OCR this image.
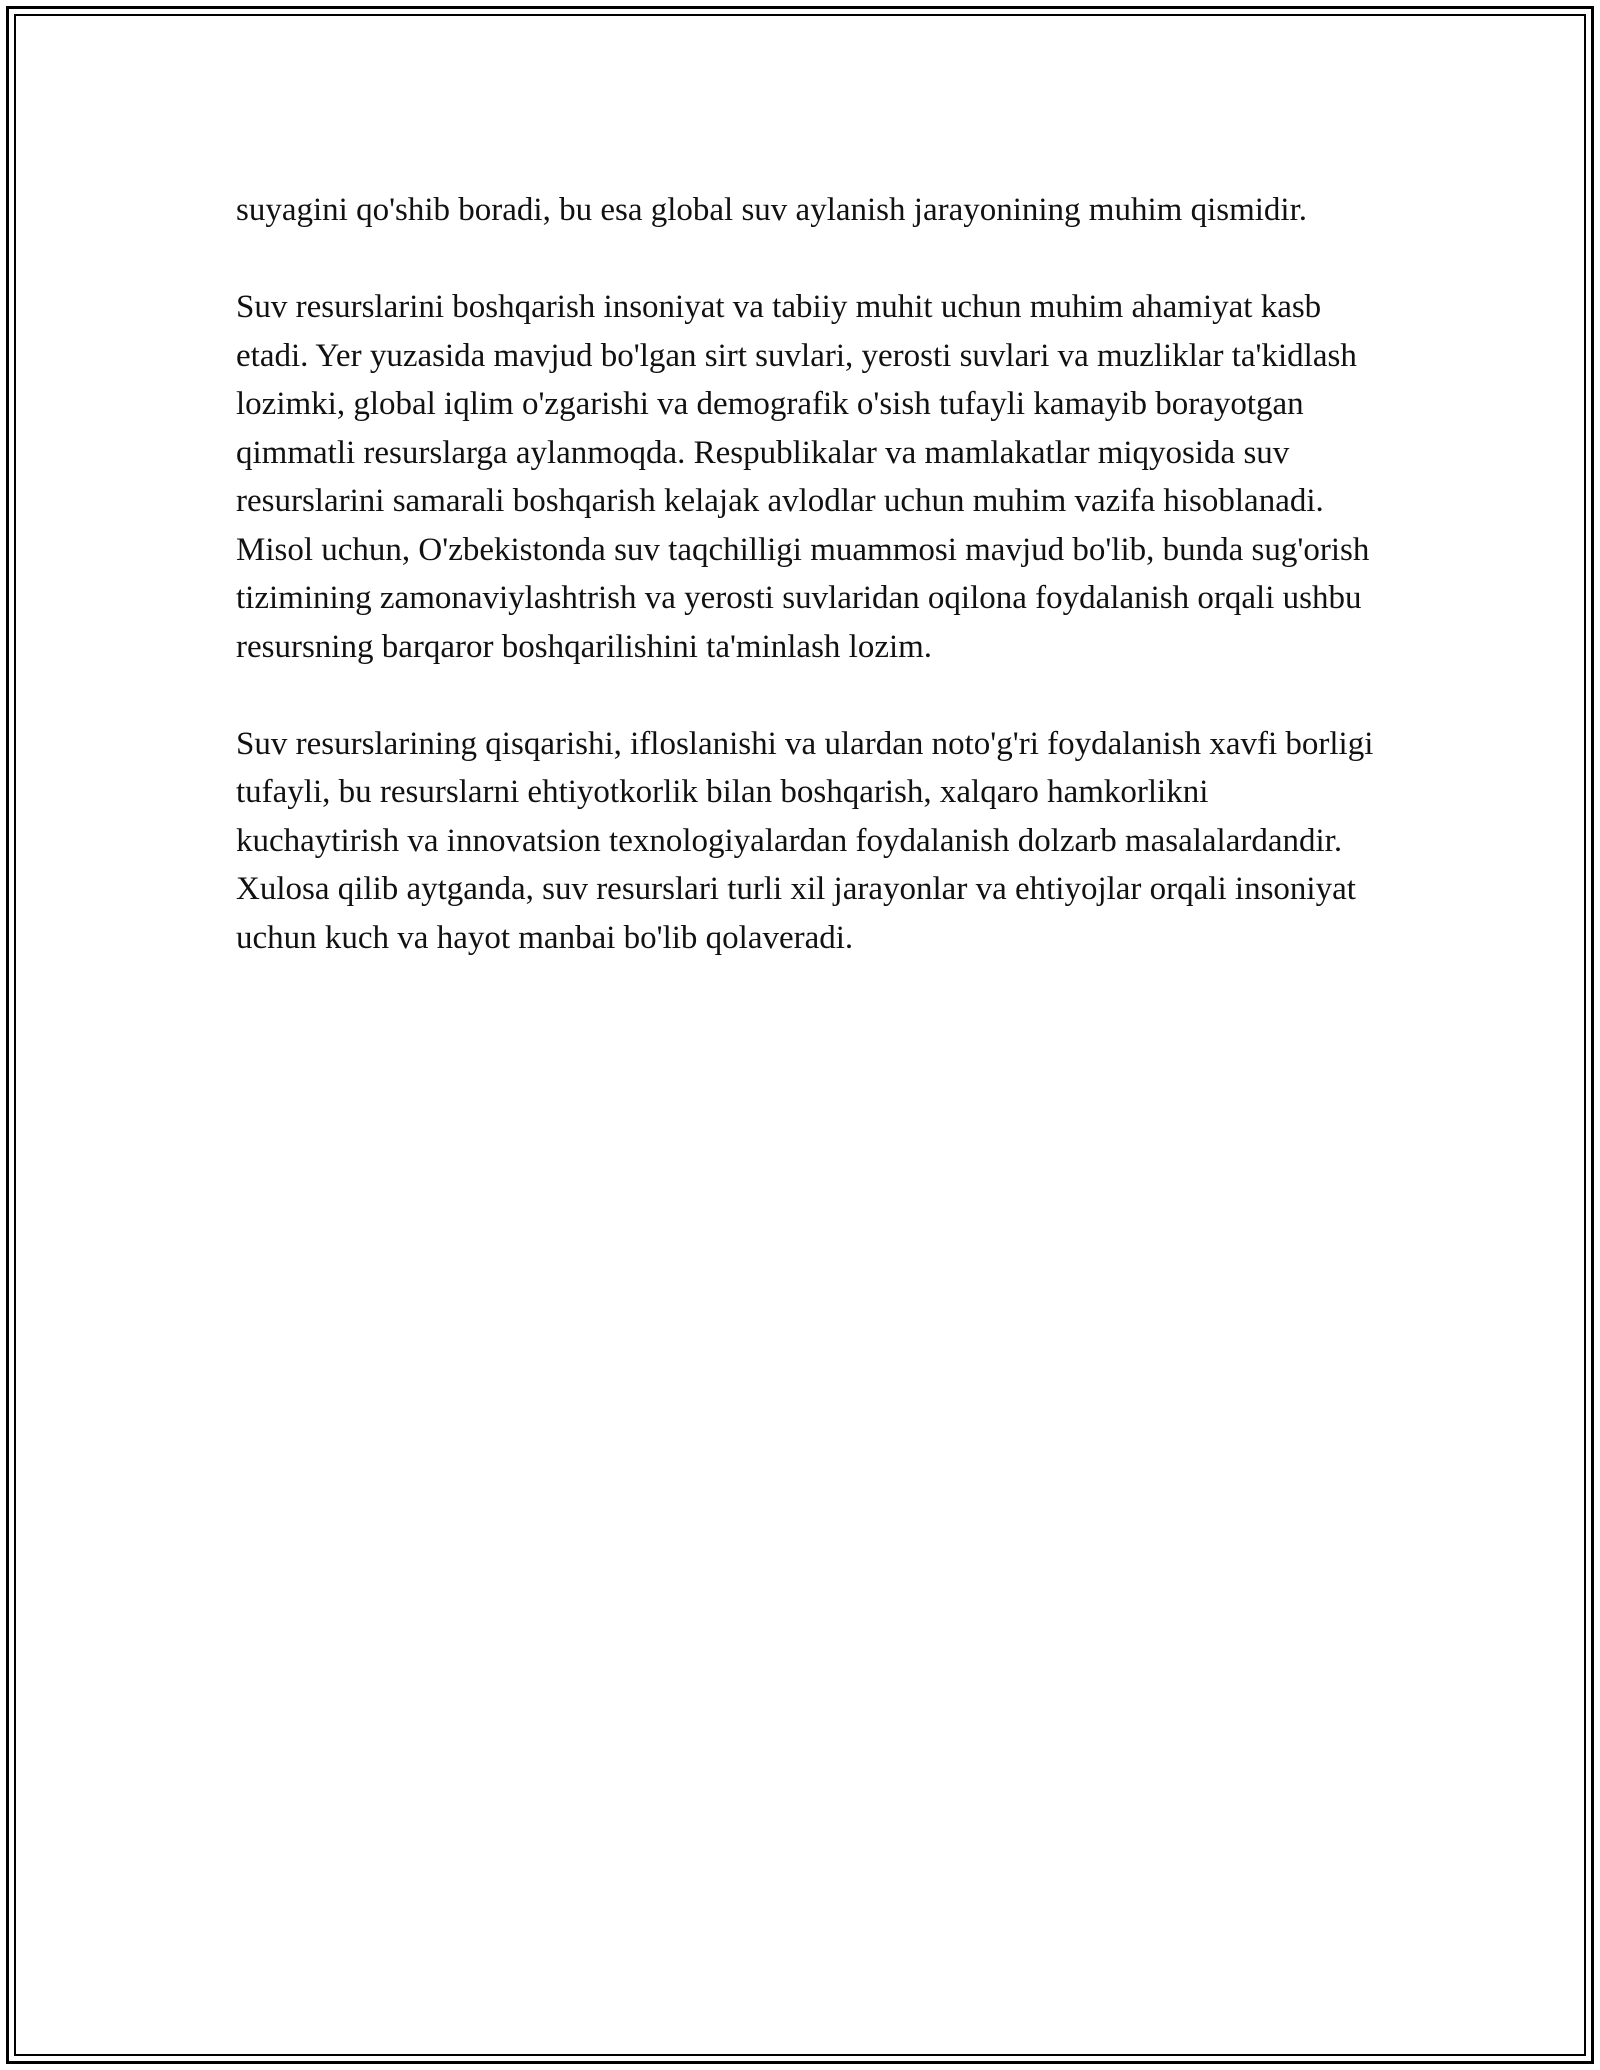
suyagini qo'shib boradi, bu esa global suv aylanish jarayonining muhim qismidir.

Suv resurslarini boshqarish insoniyat va tabiiy muhit uchun muhim ahamiyat kasb etadi. Yer yuzasida mavjud bo'lgan sirt suvlari, yerosti suvlari va muzliklar ta'kidlash lozimki, global iqlim o'zgarishi va demografik o'sish tufayli kamayib borayotgan qimmatli resurslarga aylanmoqda. Respublikalar va mamlakatlar miqyosida suv resurslarini samarali boshqarish kelajak avlodlar uchun muhim vazifa hisoblanadi. Misol uchun, O'zbekistonda suv taqchilligi muammosi mavjud bo'lib, bunda sug'orish tizimining zamonaviylashtrish va yerosti suvlaridan oqilona foydalanish orqali ushbu resursning barqaror boshqarilishini ta'minlash lozim.

Suv resurslarining qisqarishi, ifloslanishi va ulardan noto'g'ri foydalanish xavfi borligi tufayli, bu resurslarni ehtiyotkorlik bilan boshqarish, xalqaro hamkorlikni kuchaytirish va innovatsion texnologiyalardan foydalanish dolzarb masalalardandir. Xulosa qilib aytganda, suv resurslari turli xil jarayonlar va ehtiyojlar orqali insoniyat uchun kuch va hayot manbai bo'lib qolaveradi.
